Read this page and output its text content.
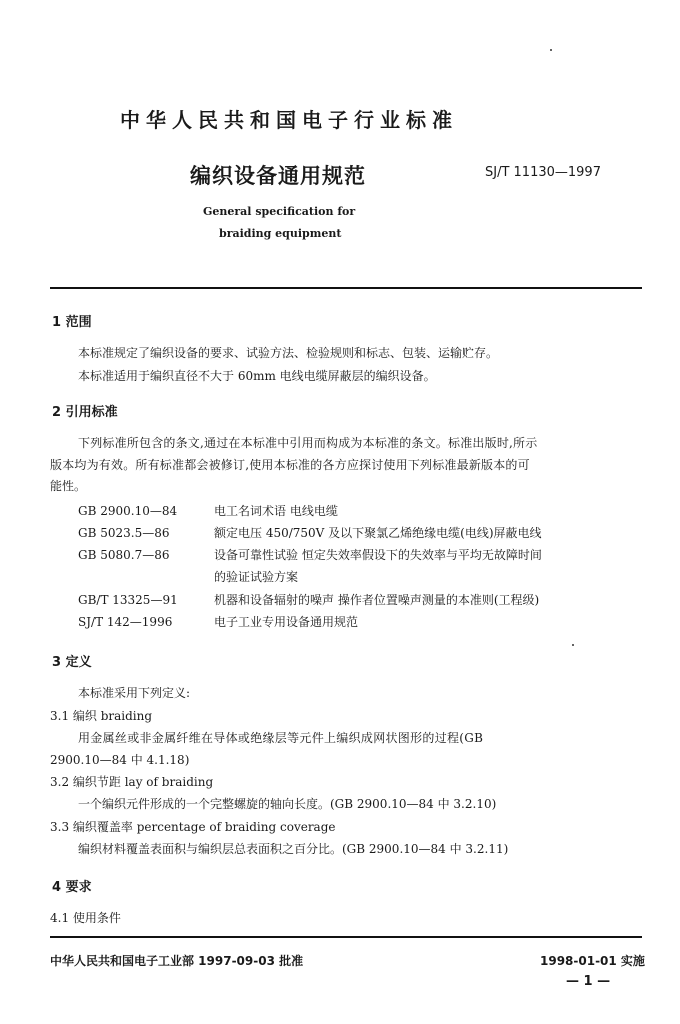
中华人民共和国电子行业标准
编织设备通用规范	SJ/T 11130—1997
General specification for
braiding equipment
1 范围
本标准规定了编织设备的要求、试验方法、检验规则和标志、包装、运输贮存。
本标准适用于编织直径不大于 60mm 电线电缆屏蔽层的编织设备。
2 引用标准
下列标准所包含的条文,通过在本标准中引用而构成为本标准的条文。标准出版时,所示
版本均为有效。所有标准都会被修订,使用本标准的各方应探讨使用下列标准最新版本的可
能性。
GB 2900.10—84	电工名词术语 电线电缆
GB 5023.5—86	额定电压 450/750V 及以下聚氯乙烯绝缘电缆(电线)屏蔽电线
GB 5080.7—86	设备可靠性试验 恒定失效率假设下的失效率与平均无故障时间
的验证试验方案
GB/T 13325—91	机器和设备辐射的噪声 操作者位置噪声测量的本准则(工程级)
SJ/T 142—1996	电子工业专用设备通用规范
3 定义
本标准采用下列定义:
3.1 编织 braiding
用金属丝或非金属纤维在导体或绝缘层等元件上编织成网状图形的过程(GB
2900.10—84 中 4.1.18)
3.2 编织节距 lay of braiding
一个编织元件形成的一个完整螺旋的轴向长度。(GB 2900.10—84 中 3.2.10)
3.3 编织覆盖率 percentage of braiding coverage
编织材料覆盖表面积与编织层总表面积之百分比。(GB 2900.10—84 中 3.2.11)
4 要求
4.1 使用条件
中华人民共和国电子工业部 1997-09-03 批准	1998-01-01 实施
— 1 —
